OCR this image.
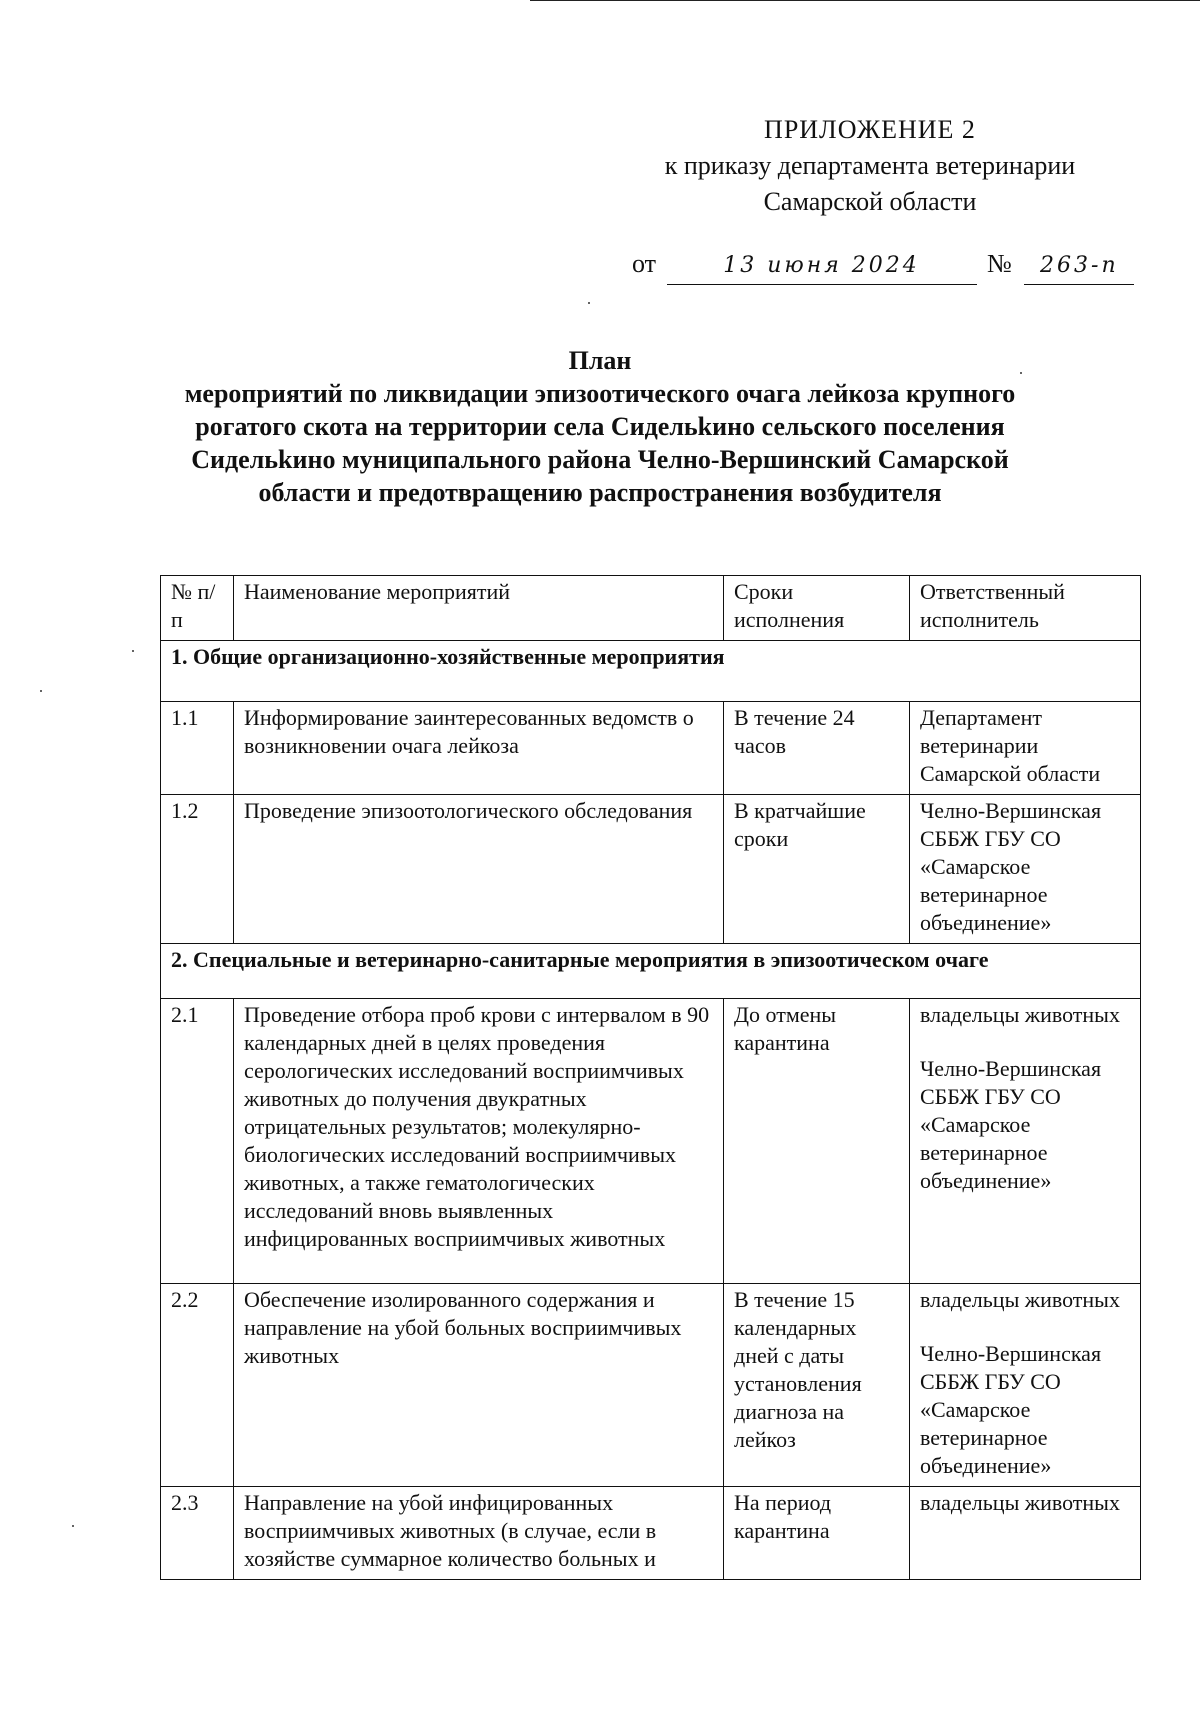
ПРИЛОЖЕНИЕ 2
к приказу департамента ветеринарии
Самарской области
от	13 июня 2024	№ 263-п
План
мероприятий по ликвидации эпизоотического очага лейкоза крупного рогатого скота на территории села Сидельkино сельского поселения Сидельkино муниципального района Челно-Вершинский Самарской области и предотвращению распространения возбудителя
№ п/п	Наименование мероприятий	Сроки исполнения	Ответственный исполнитель
1. Общие организационно-хозяйственные мероприятия			
1.1	Информирование заинтересованных ведомств о возникновении очага лейкоза	В течение 24 часов	Департамент ветеринарии Самарской области
1.2	Проведение эпизоотологического обследования	В кратчайшие сроки	Челно-Вершинская СББЖ ГБУ СО «Самарское ветеринарное объединение»
2. Специальные и ветеринарно-санитарные мероприятия в эпизоотическом очаге			
2.1	Проведение отбора проб крови с интервалом в 90 календарных дней в целях проведения серологических исследований восприимчивых животных до получения двукратных отрицательных результатов; молекулярно-биологических исследований восприимчивых животных, а также гематологических исследований вновь выявленных инфицированных восприимчивых животных	До отмены карантина	владельцы животных
Челно-Вершинская СББЖ ГБУ СО «Самарское ветеринарное объединение»

2.2	Обеспечение изолированного содержания и направление на убой больных восприимчивых животных	В течение 15 календарных дней с даты установления диагноза на лейкоз	владельцы животных
Челно-Вершинская СББЖ ГБУ СО «Самарское ветеринарное объединение»

2.3	Направление на убой инфицированных восприимчивых животных (в случае, если в хозяйстве суммарное количество больных и	На период карантина	владельцы животных
